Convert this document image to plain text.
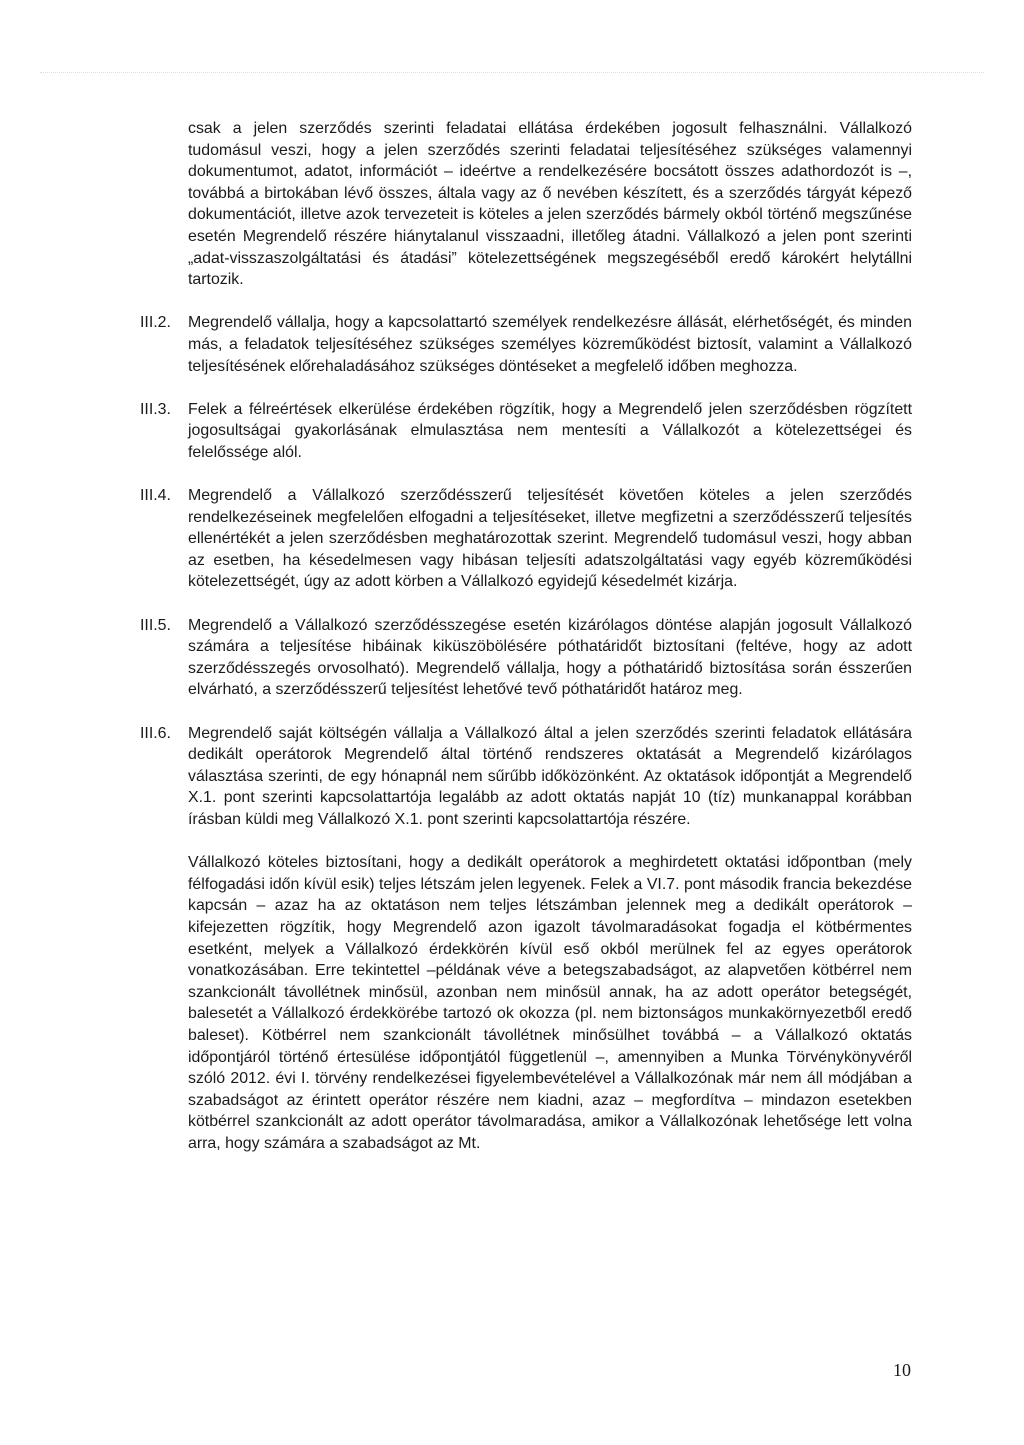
csak a jelen szerződés szerinti feladatai ellátása érdekében jogosult felhasználni. Vállalkozó tudomásul veszi, hogy a jelen szerződés szerinti feladatai teljesítéséhez szükséges valamennyi dokumentumot, adatot, információt – ideértve a rendelkezésére bocsátott összes adathordozót is –, továbbá a birtokában lévő összes, általa vagy az ő nevében készített, és a szerződés tárgyát képező dokumentációt, illetve azok tervezeteit is köteles a jelen szerződés bármely okból történő megszűnése esetén Megrendelő részére hiánytalanul visszaadni, illetőleg átadni. Vállalkozó a jelen pont szerinti „adat-visszaszolgáltatási és átadási” kötelezettségének megszegéséből eredő károkért helytállni tartozik.

III.2.	Megrendelő vállalja, hogy a kapcsolattartó személyek rendelkezésre állását, elérhetőségét, és minden más, a feladatok teljesítéséhez szükséges személyes közreműködést biztosít, valamint a Vállalkozó teljesítésének előrehaladásához szükséges döntéseket a megfelelő időben meghozza.

III.3.	Felek a félreértések elkerülése érdekében rögzítik, hogy a Megrendelő jelen szerződésben rögzített jogosultságai gyakorlásának elmulasztása nem mentesíti a Vállalkozót a kötelezettségei és felelőssége alól.

III.4.	Megrendelő a Vállalkozó szerződésszerű teljesítését követően köteles a jelen szerződés rendelkezéseinek megfelelően elfogadni a teljesítéseket, illetve megfizetni a szerződésszerű teljesítés ellenértékét a jelen szerződésben meghatározottak szerint. Megrendelő tudomásul veszi, hogy abban az esetben, ha késedelmesen vagy hibásan teljesíti adatszolgáltatási vagy egyéb közreműködési kötelezettségét, úgy az adott körben a Vállalkozó egyidejű késedelmét kizárja.

III.5.	Megrendelő a Vállalkozó szerződésszegése esetén kizárólagos döntése alapján jogosult Vállalkozó számára a teljesítése hibáinak kiküszöbölésére póthatáridőt biztosítani (feltéve, hogy az adott szerződésszegés orvosolható). Megrendelő vállalja, hogy a póthatáridő biztosítása során ésszerűen elvárható, a szerződésszerű teljesítést lehetővé tevő póthatáridőt határoz meg.

III.6.	Megrendelő saját költségén vállalja a Vállalkozó által a jelen szerződés szerinti feladatok ellátására dedikált operátorok Megrendelő által történő rendszeres oktatását a Megrendelő kizárólagos választása szerinti, de egy hónapnál nem sűrűbb időközönként. Az oktatások időpontját a Megrendelő X.1. pont szerinti kapcsolattartója legalább az adott oktatás napját 10 (tíz) munkanappal korábban írásban küldi meg Vállalkozó X.1. pont szerinti kapcsolattartója részére.

Vállalkozó köteles biztosítani, hogy a dedikált operátorok a meghirdetett oktatási időpontban (mely félfogadási időn kívül esik) teljes létszám jelen legyenek. Felek a VI.7. pont második francia bekezdése kapcsán – azaz ha az oktatáson nem teljes létszámban jelennek meg a dedikált operátorok – kifejezetten rögzítik, hogy Megrendelő azon igazolt távolmaradásokat fogadja el kötbérmentes esetként, melyek a Vállalkozó érdekkörén kívül eső okból merülnek fel az egyes operátorok vonatkozásában. Erre tekintettel –példának véve a betegszabadságot, az alapvetően kötbérrel nem szankcionált távollétnek minősül, azonban nem minősül annak, ha az adott operátor betegségét, balesetét a Vállalkozó érdekkörébe tartozó ok okozza (pl. nem biztonságos munkakörnyezetből eredő baleset). Kötbérrel nem szankcionált távollétnek minősülhet továbbá – a Vállalkozó oktatás időpontjáról történő értesülése időpontjától függetlenül –, amennyiben a Munka Törvénykönyvéről szóló 2012. évi I. törvény rendelkezései figyelembevételével a Vállalkozónak már nem áll módjában a szabadságot az érintett operátor részére nem kiadni, azaz – megfordítva – mindazon esetekben kötbérrel szankcionált az adott operátor távolmaradása, amikor a Vállalkozónak lehetősége lett volna arra, hogy számára a szabadságot az Mt.

10
